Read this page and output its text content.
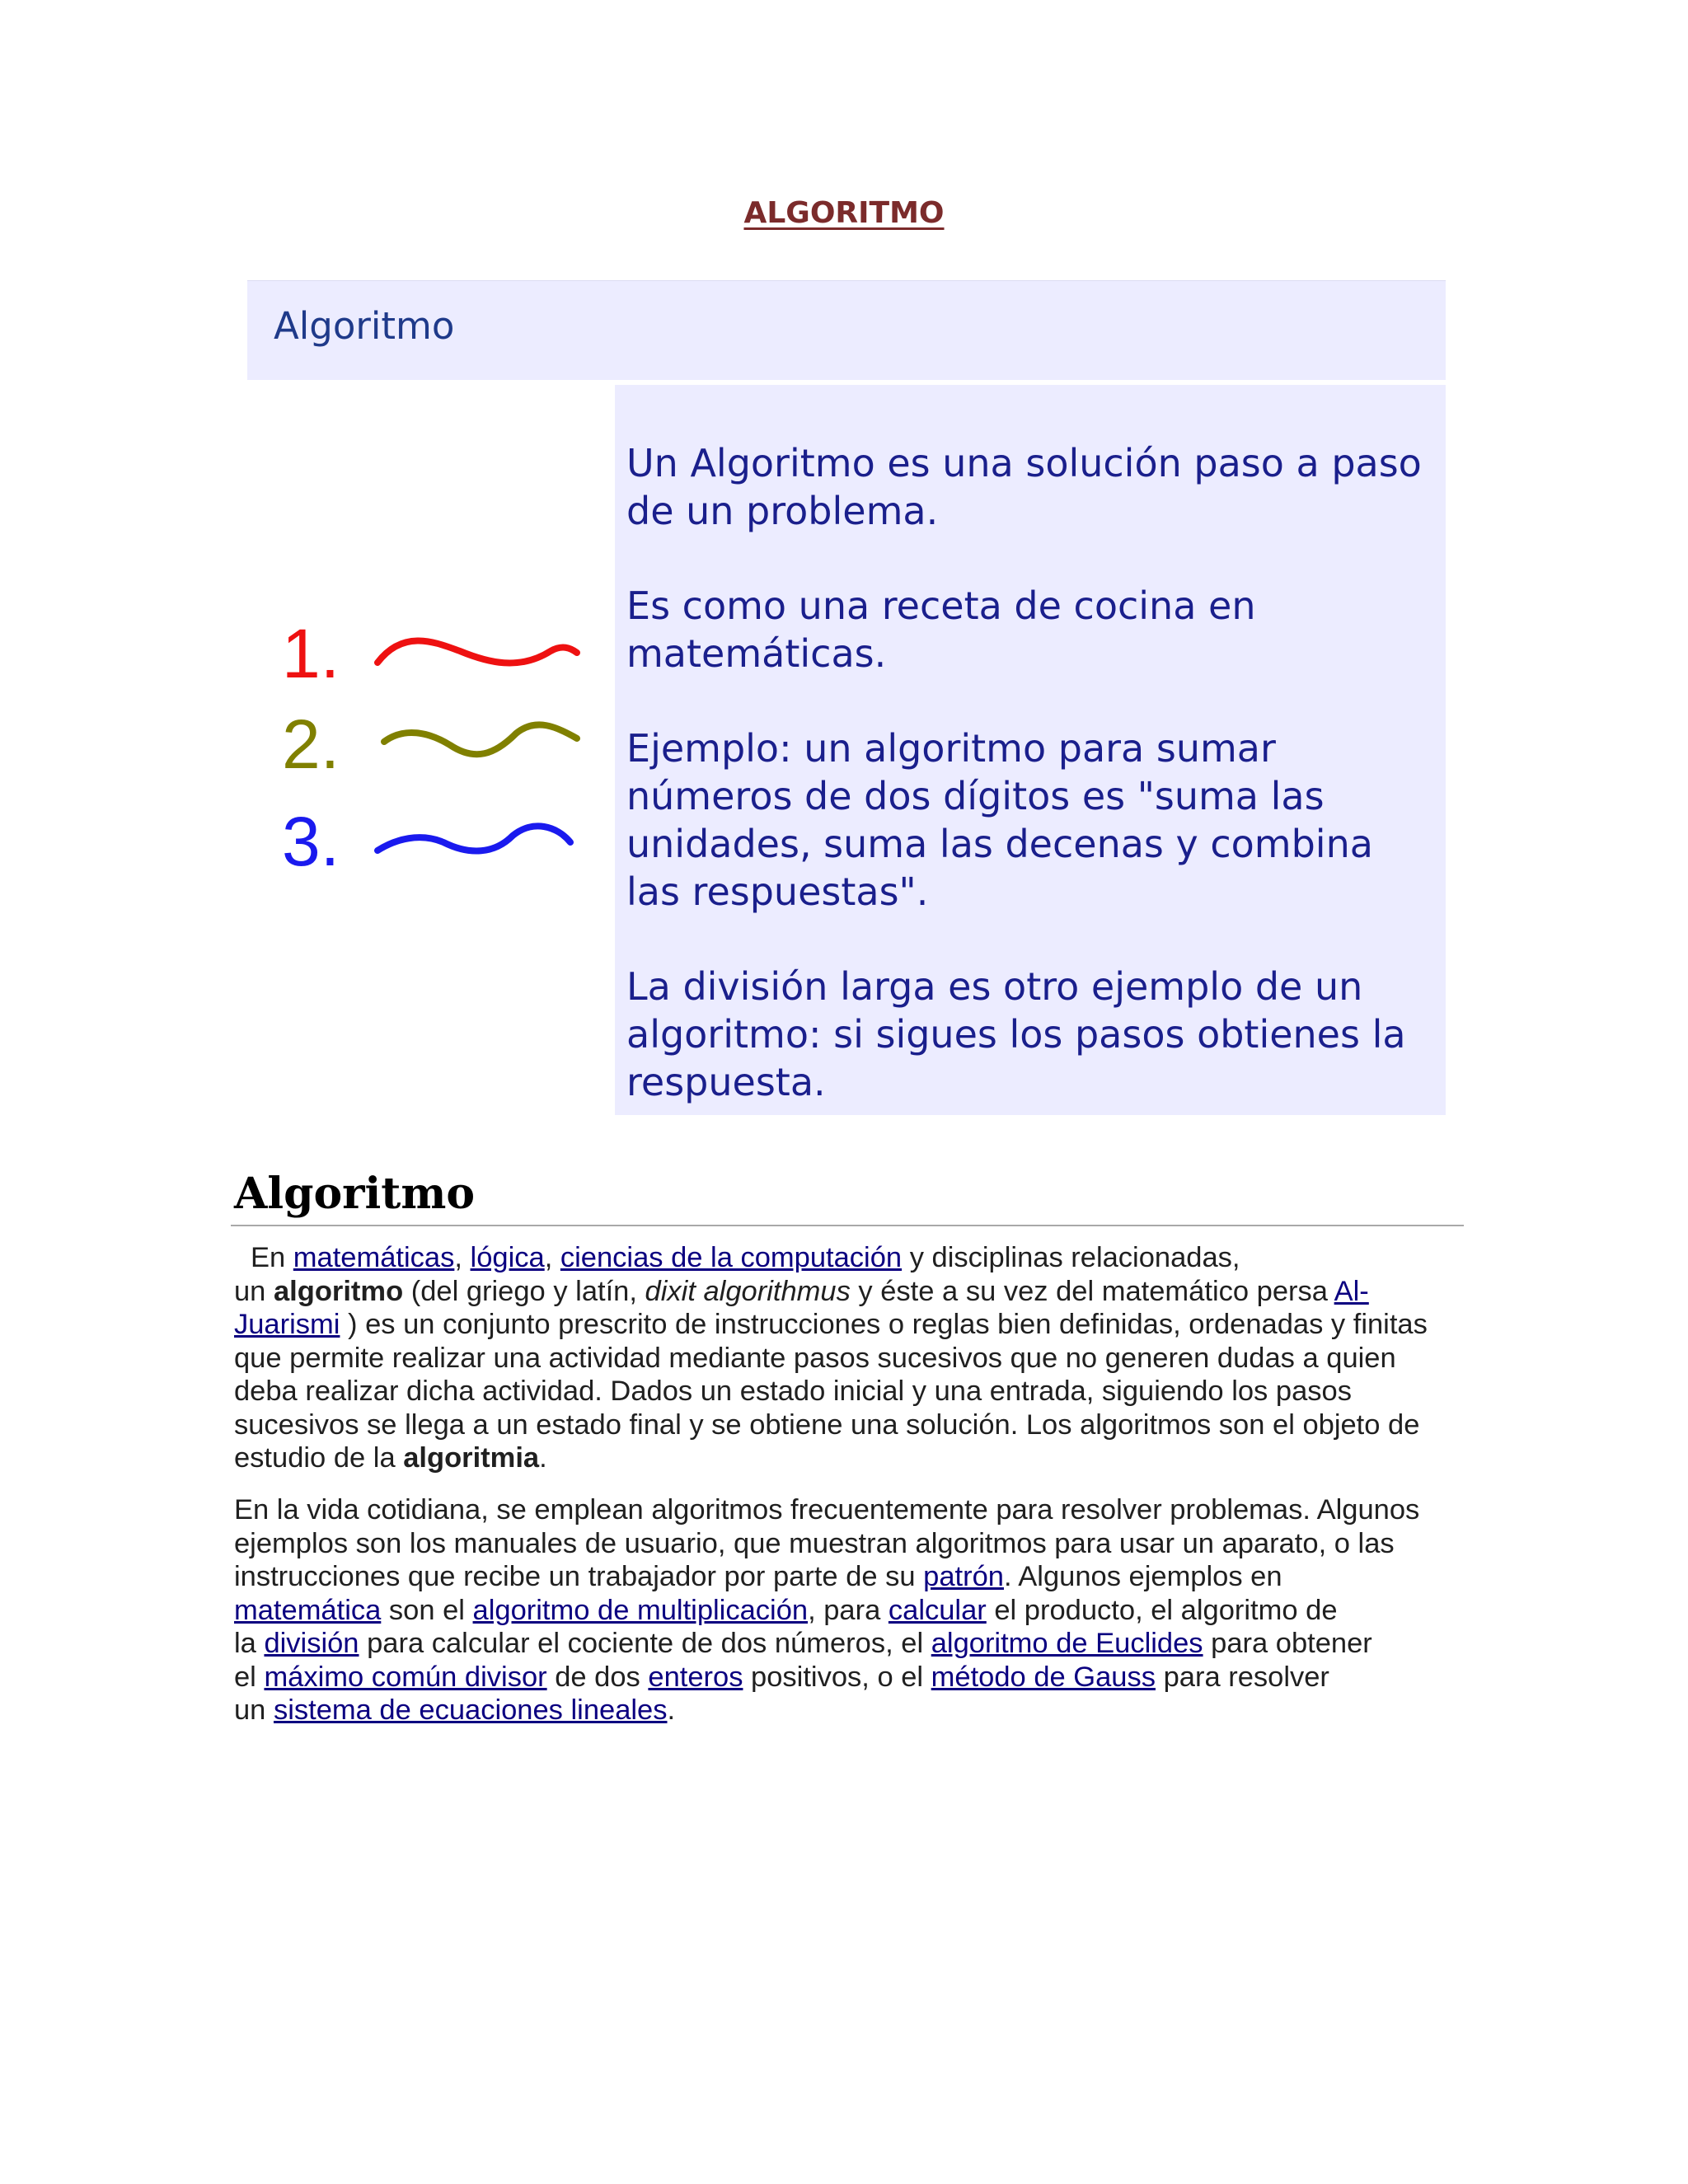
ALGORITMO
Algoritmo
1.
2.
3.

Un Algoritmo es una solución paso a paso de un problema.

Es como una receta de cocina en matemáticas.

Ejemplo: un algoritmo para sumar números de dos dígitos es "suma las unidades, suma las decenas y combina las respuestas".

La división larga es otro ejemplo de un algoritmo: si sigues los pasos obtienes la respuesta.

Algoritmo

En matemáticas, lógica, ciencias de la computación y disciplinas relacionadas,
un algoritmo (del griego y latín, dixit algorithmus y éste a su vez del matemático persa Al-
Juarismi ) es un conjunto prescrito de instrucciones o reglas bien definidas, ordenadas y finitas que permite realizar una actividad mediante pasos sucesivos que no generen dudas a quien deba realizar dicha actividad. Dados un estado inicial y una entrada, siguiendo los pasos sucesivos se llega a un estado final y se obtiene una solución. Los algoritmos son el objeto de estudio de la algoritmia.

En la vida cotidiana, se emplean algoritmos frecuentemente para resolver problemas. Algunos ejemplos son los manuales de usuario, que muestran algoritmos para usar un aparato, o las instrucciones que recibe un trabajador por parte de su patrón. Algunos ejemplos en
matemática son el algoritmo de multiplicación, para calcular el producto, el algoritmo de
la división para calcular el cociente de dos números, el algoritmo de Euclides para obtener
el máximo común divisor de dos enteros positivos, o el método de Gauss para resolver
un sistema de ecuaciones lineales.
